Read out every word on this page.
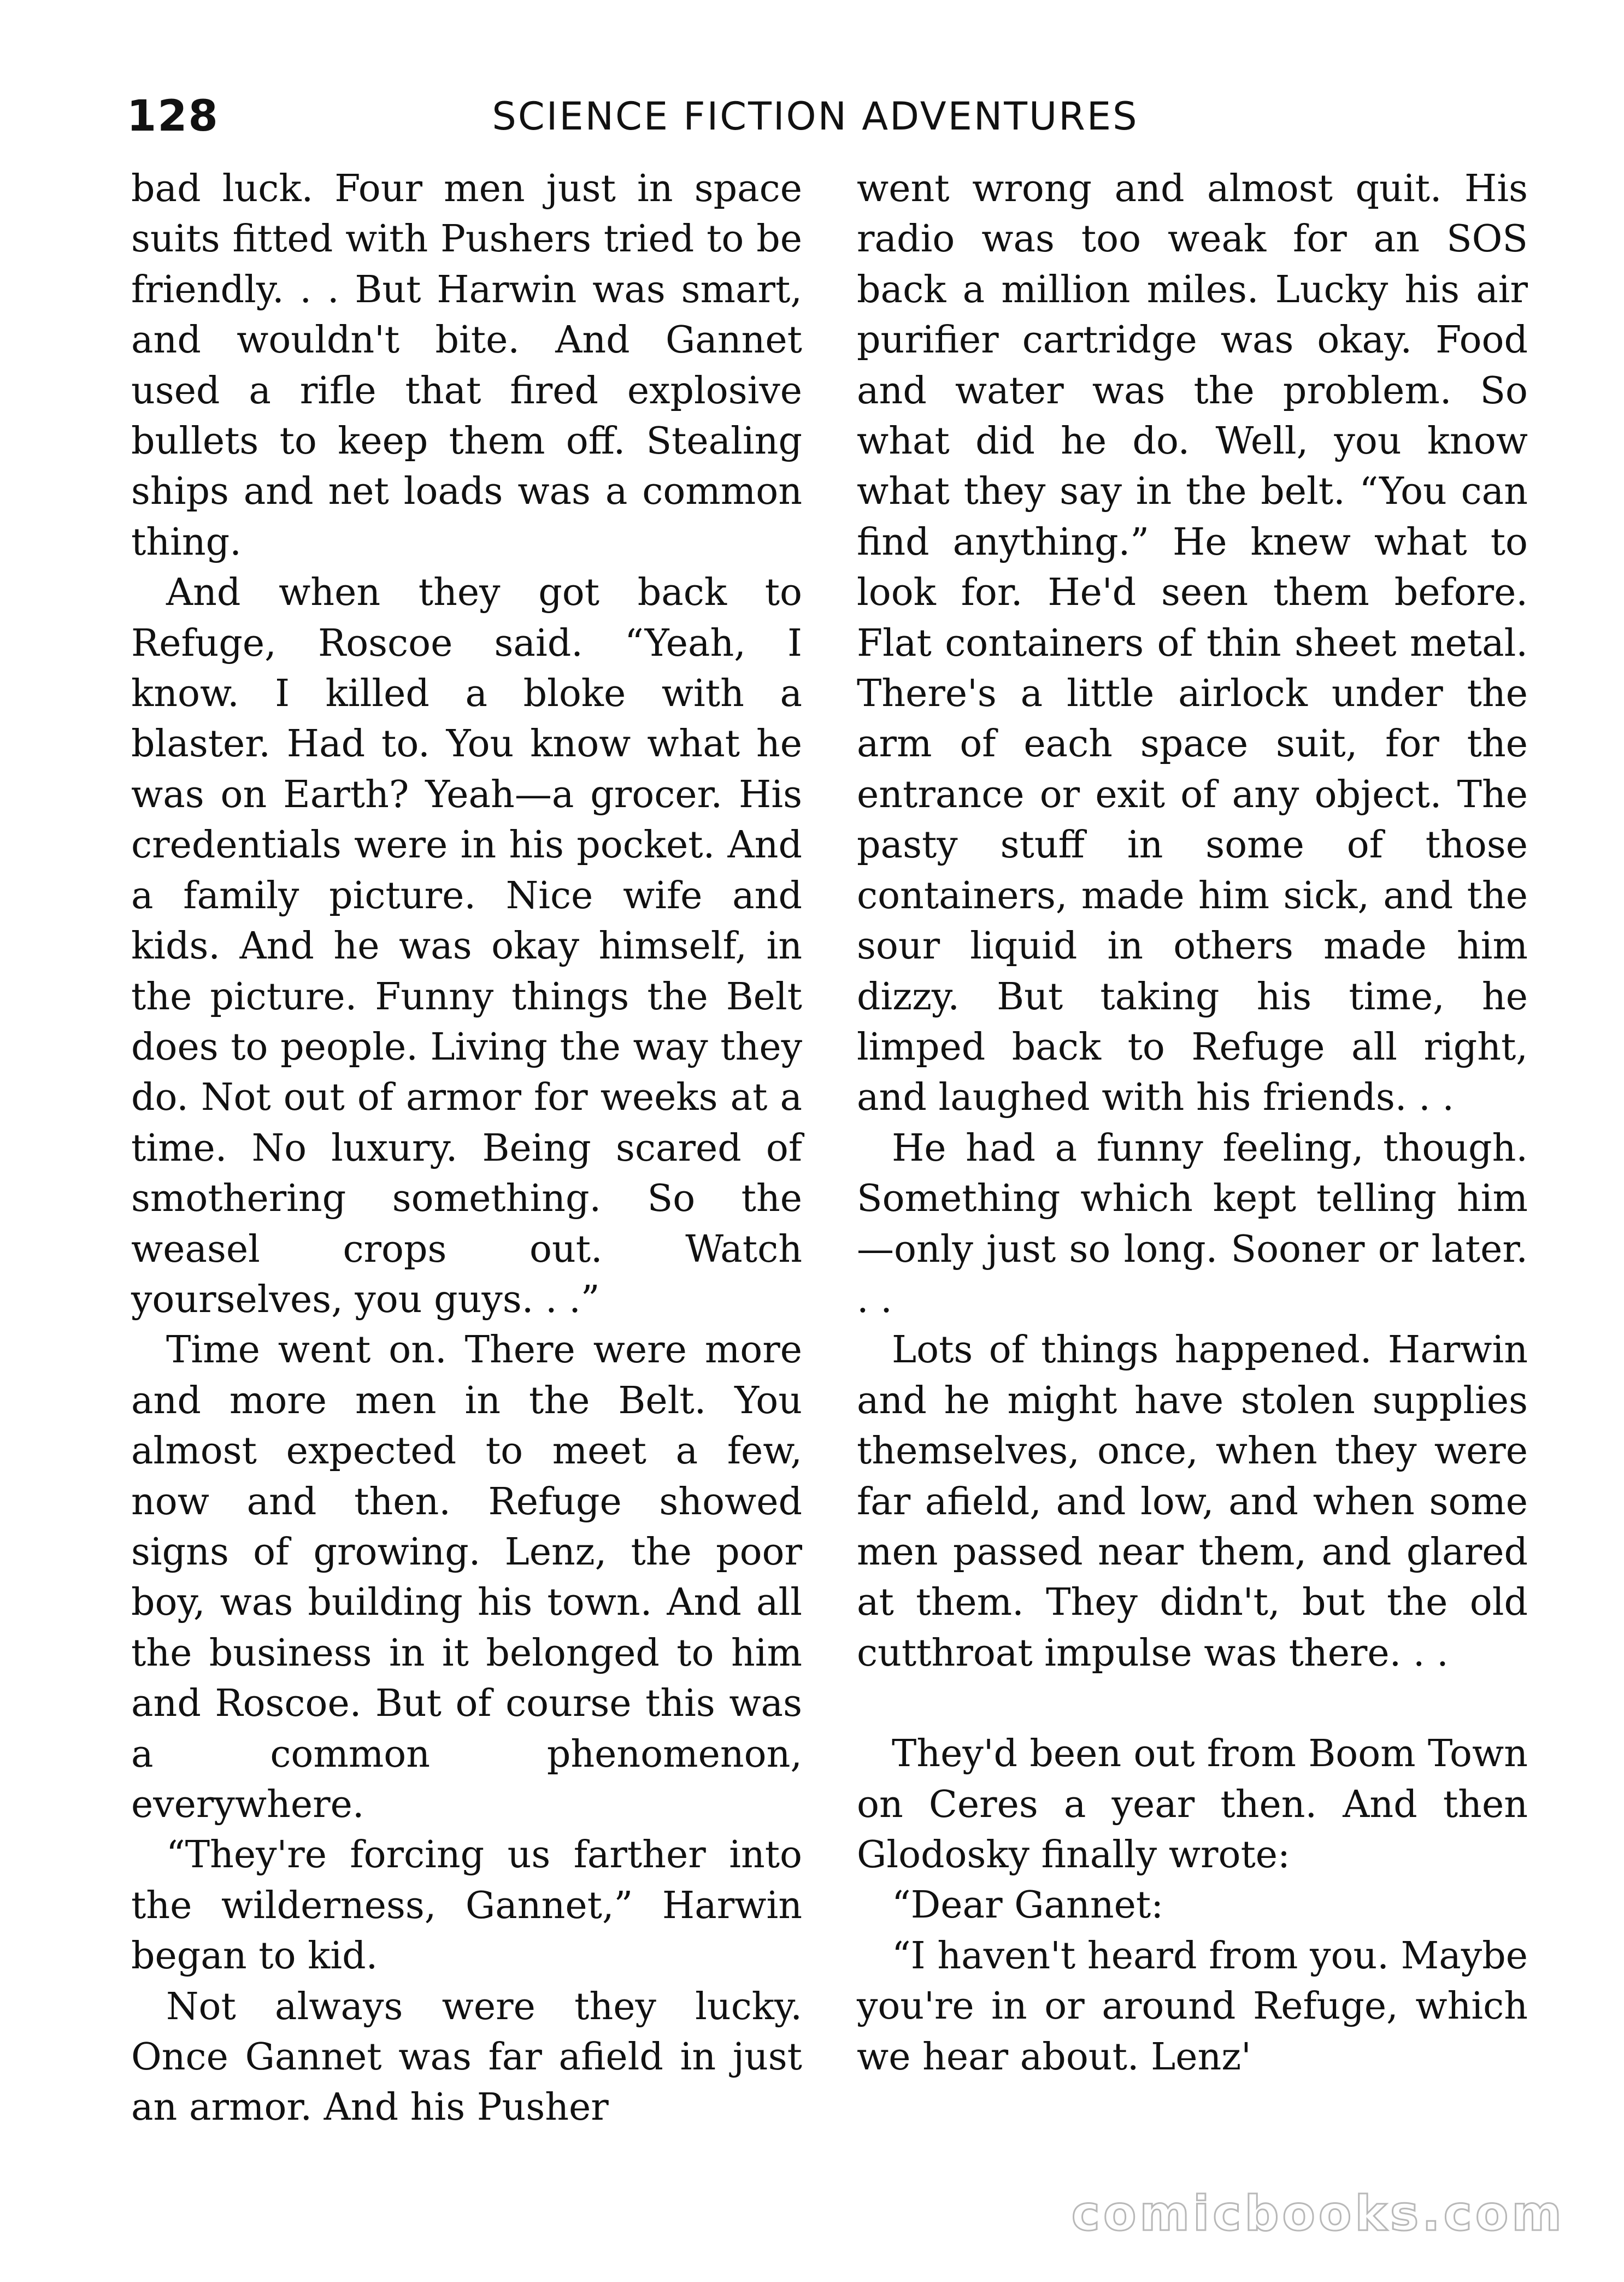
128	SCIENCE FICTION ADVENTURES

bad luck. Four men just in space suits fitted with Pushers tried to be friendly. . . But Harwin was smart, and wouldn't bite. And Gannet used a rifle that fired explosive bullets to keep them off. Stealing ships and net loads was a common thing.

And when they got back to Refuge, Roscoe said. “Yeah, I know. I killed a bloke with a blaster. Had to. You know what he was on Earth? Yeah—a grocer. His credentials were in his pocket. And a family picture. Nice wife and kids. And he was okay himself, in the picture. Funny things the Belt does to people. Living the way they do. Not out of armor for weeks at a time. No luxury. Being scared of smothering something. So the weasel crops out. Watch yourselves, you guys. . .”

Time went on. There were more and more men in the Belt. You almost expected to meet a few, now and then. Refuge showed signs of growing. Lenz, the poor boy, was building his town. And all the business in it belonged to him and Roscoe. But of course this was a common phenomenon, everywhere.

“They're forcing us farther into the wilderness, Gannet,” Harwin began to kid.

Not always were they lucky. Once Gannet was far afield in just an armor. And his Pusher

went wrong and almost quit. His radio was too weak for an SOS back a million miles. Lucky his air purifier cartridge was okay. Food and water was the problem. So what did he do. Well, you know what they say in the belt. “You can find anything.” He knew what to look for. He'd seen them before. Flat containers of thin sheet metal. There's a little airlock under the arm of each space suit, for the entrance or exit of any object. The pasty stuff in some of those containers, made him sick, and the sour liquid in others made him dizzy. But taking his time, he limped back to Refuge all right, and laughed with his friends. . .

He had a funny feeling, though. Something which kept telling him—only just so long. Sooner or later. . .

Lots of things happened. Harwin and he might have stolen supplies themselves, once, when they were far afield, and low, and when some men passed near them, and glared at them. They didn't, but the old cutthroat impulse was there. . .

They'd been out from Boom Town on Ceres a year then. And then Glodosky finally wrote:

“Dear Gannet:

“I haven't heard from you. Maybe you're in or around Refuge, which we hear about. Lenz'

comicbooks.com
